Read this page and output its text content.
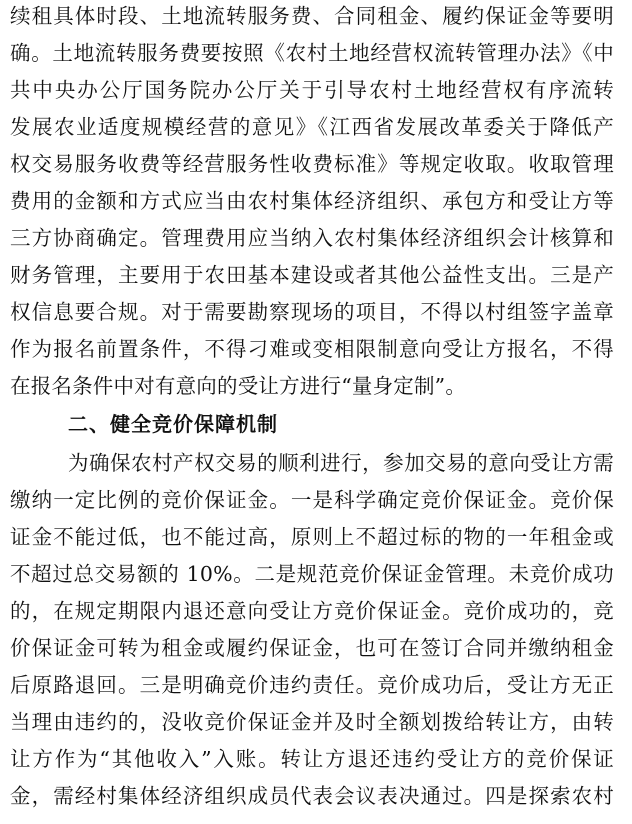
续租具体时段、土地流转服务费、合同租金、履约保证金等要明
确。土地流转服务费要按照《农村土地经营权流转管理办法》《中
共中央办公厅国务院办公厅关于引导农村土地经营权有序流转
发展农业适度规模经营的意见》《江西省发展改革委关于降低产
权交易服务收费等经营服务性收费标准》等规定收取。收取管理
费用的金额和方式应当由农村集体经济组织、承包方和受让方等
三方协商确定。管理费用应当纳入农村集体经济组织会计核算和
财务管理，主要用于农田基本建设或者其他公益性支出。三是产
权信息要合规。对于需要勘察现场的项目，不得以村组签字盖章
作为报名前置条件，不得刁难或变相限制意向受让方报名，不得
在报名条件中对有意向的受让方进行“量身定制”。
二、健全竞价保障机制
为确保农村产权交易的顺利进行，参加交易的意向受让方需
缴纳一定比例的竞价保证金。一是科学确定竞价保证金。竞价保
证金不能过低，也不能过高，原则上不超过标的物的一年租金或
不超过总交易额的 10%。二是规范竞价保证金管理。未竞价成功
的，在规定期限内退还意向受让方竞价保证金。竞价成功的，竞
价保证金可转为租金或履约保证金，也可在签订合同并缴纳租金
后原路退回。三是明确竞价违约责任。竞价成功后，受让方无正
当理由违约的，没收竞价保证金并及时全额划拨给转让方，由转
让方作为“其他收入”入账。转让方退还违约受让方的竞价保证
金，需经村集体经济组织成员代表会议表决通过。四是探索农村
